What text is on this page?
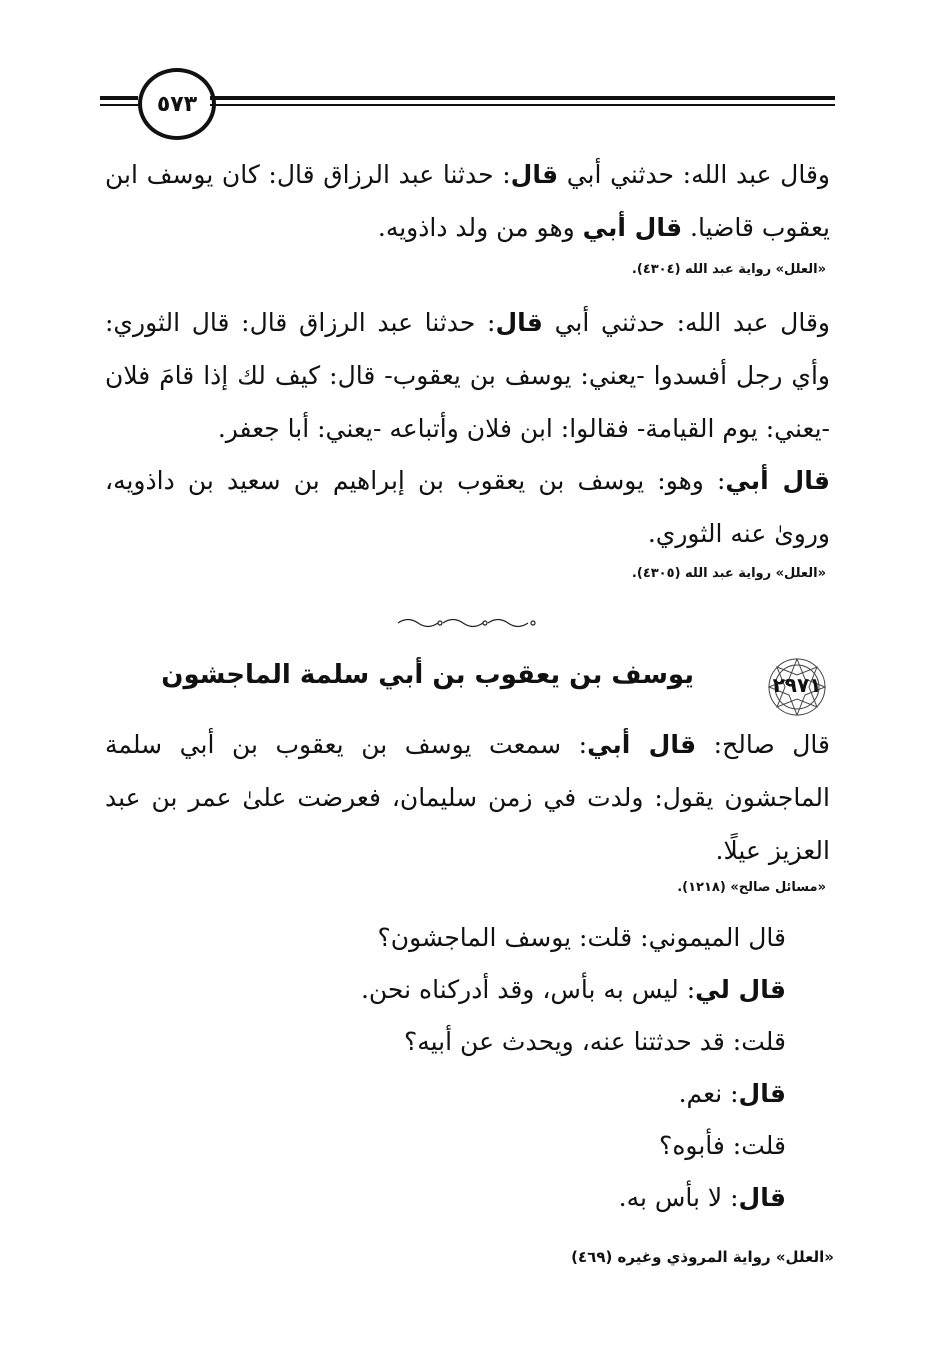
٥٧٣
وقال عبد الله: حدثني أبي قال: حدثنا عبد الرزاق قال: كان يوسف ابن يعقوب قاضيا. قال أبي وهو من ولد داذويه.
«العلل» رواية عبد الله (٤٣٠٤).
وقال عبد الله: حدثني أبي قال: حدثنا عبد الرزاق قال: قال الثوري: وأي رجل أفسدوا -يعني: يوسف بن يعقوب- قال: كيف لك إذا قامَ فلان -يعني: يوم القيامة- فقالوا: ابن فلان وأتباعه -يعني: أبا جعفر.
قال أبي: وهو: يوسف بن يعقوب بن إبراهيم بن سعيد بن داذويه، ورویٰ عنه الثوري.
«العلل» رواية عبد الله (٤٣٠٥).
٢٩٧١
يوسف بن يعقوب بن أبي سلمة الماجشون
قال صالح: قال أبي: سمعت يوسف بن يعقوب بن أبي سلمة الماجشون يقول: ولدت في زمن سليمان، فعرضت علىٰ عمر بن عبد العزيز عيلًا.
«مسائل صالح» (١٢١٨).
قال الميموني: قلت: يوسف الماجشون؟
قال لي: ليس به بأس، وقد أدركناه نحن.
قلت: قد حدثتنا عنه، ويحدث عن أبيه؟
قال: نعم.
قلت: فأبوه؟
قال: لا بأس به.
«العلل» رواية المروذي وغيره (٤٦٩)
